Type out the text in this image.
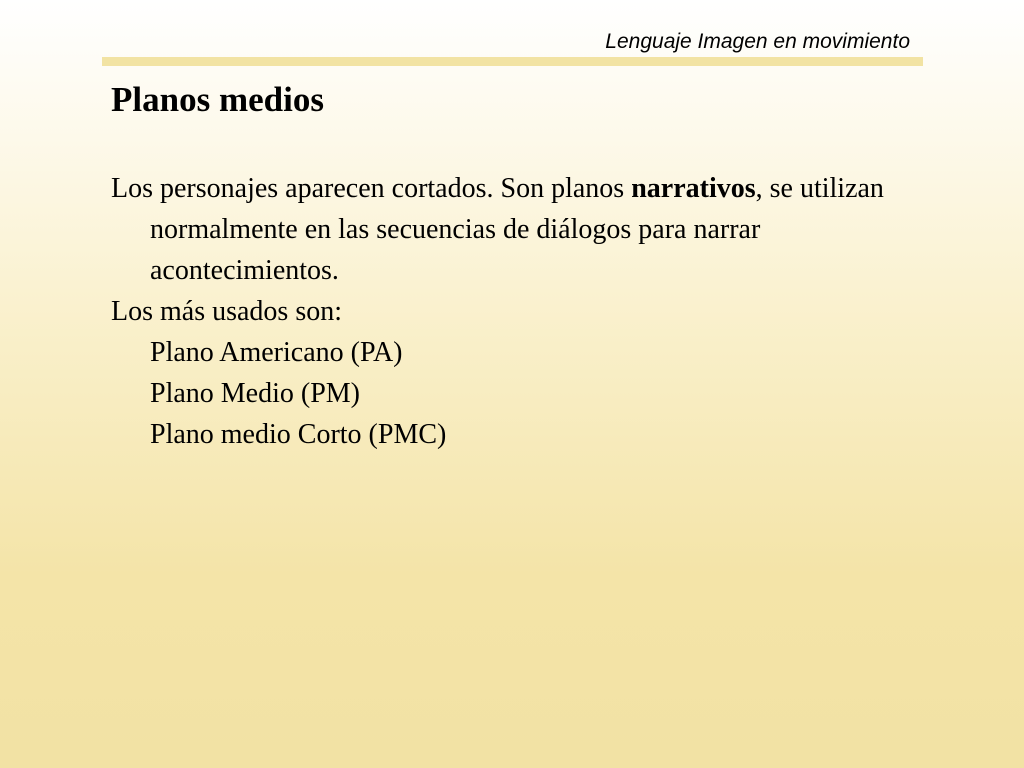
Lenguaje Imagen en movimiento
Planos medios

Los personajes aparecen cortados. Son planos narrativos, se utilizan normalmente en las secuencias de diálogos para narrar acontecimientos.

Los más usados son:

Plano Americano (PA)

Plano Medio (PM)

Plano medio Corto (PMC)
